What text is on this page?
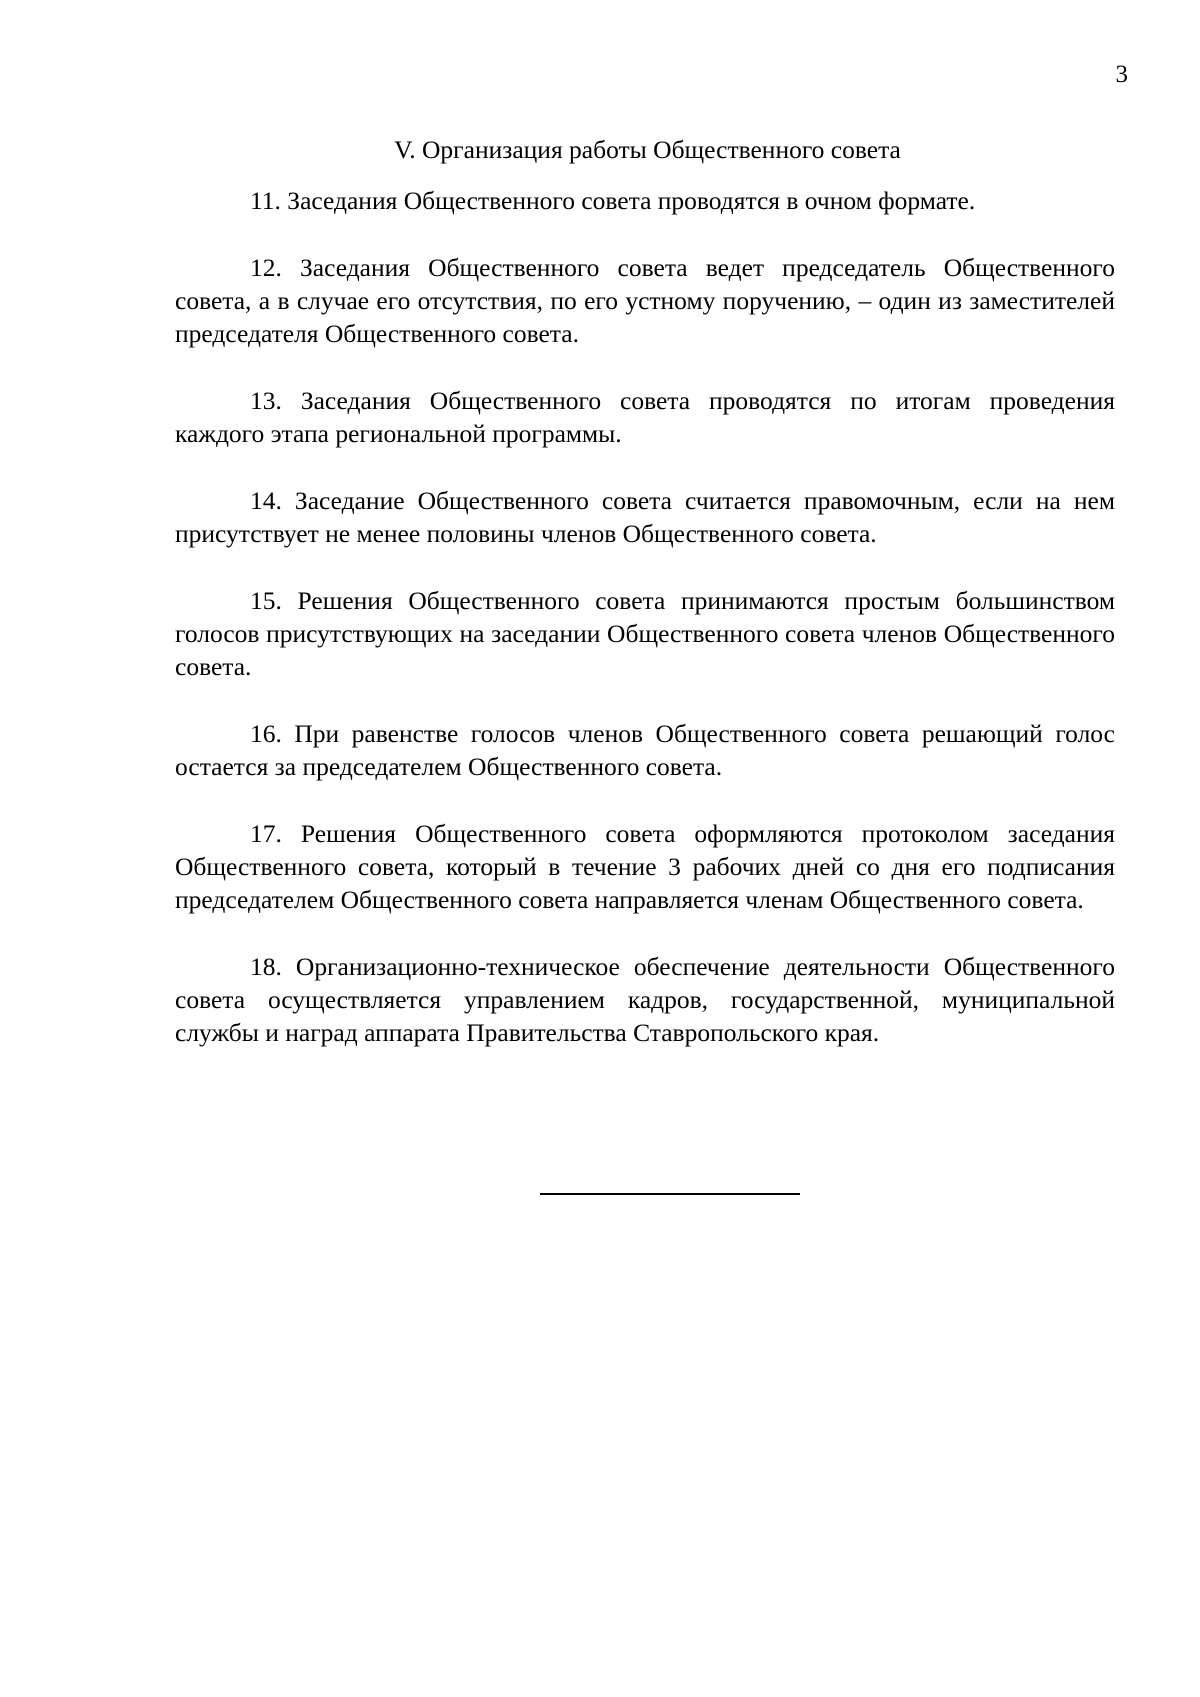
3
V. Организация работы Общественного совета

11. Заседания Общественного совета проводятся в очном формате.

12. Заседания Общественного совета ведет председатель Общественного совета, а в случае его отсутствия, по его устному поручению, – один из заместителей председателя Общественного совета.

13. Заседания Общественного совета проводятся по итогам проведения каждого этапа региональной программы.

14. Заседание Общественного совета считается правомочным, если на нем присутствует не менее половины членов Общественного совета.

15. Решения Общественного совета принимаются простым большинством голосов присутствующих на заседании Общественного совета членов Общественного совета.

16. При равенстве голосов членов Общественного совета решающий голос остается за председателем Общественного совета.

17. Решения Общественного совета оформляются протоколом заседания Общественного совета, который в течение 3 рабочих дней со дня его подписания председателем Общественного совета направляется членам Общественного совета.

18. Организационно-техническое обеспечение деятельности Общественного совета осуществляется управлением кадров, государственной, муниципальной службы и наград аппарата Правительства Ставропольского края.
